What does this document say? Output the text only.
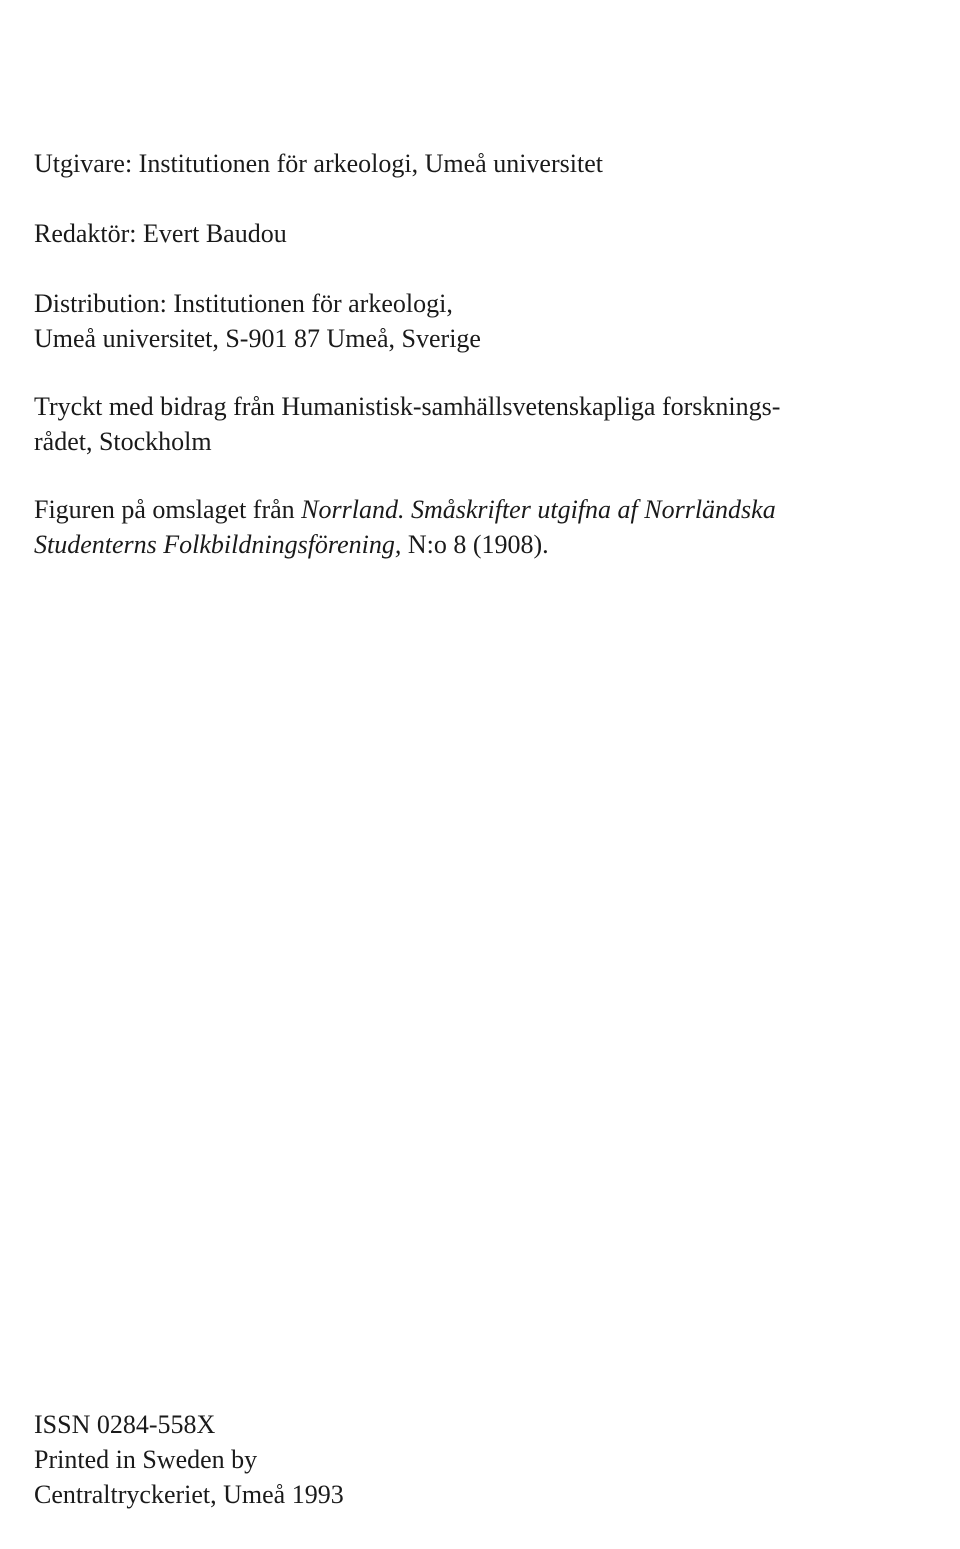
Utgivare: Institutionen för arkeologi, Umeå universitet
Redaktör: Evert Baudou
Distribution: Institutionen för arkeologi,
Umeå universitet, S-901 87 Umeå, Sverige
Tryckt med bidrag från Humanistisk-samhällsvetenskapliga forsknings-
rådet, Stockholm
Figuren på omslaget från Norrland. Småskrifter utgifna af Norrländska
Studenterns Folkbildningsförening, N:o 8 (1908).
ISSN 0284-558X
Printed in Sweden by
Centraltryckeriet, Umeå 1993
